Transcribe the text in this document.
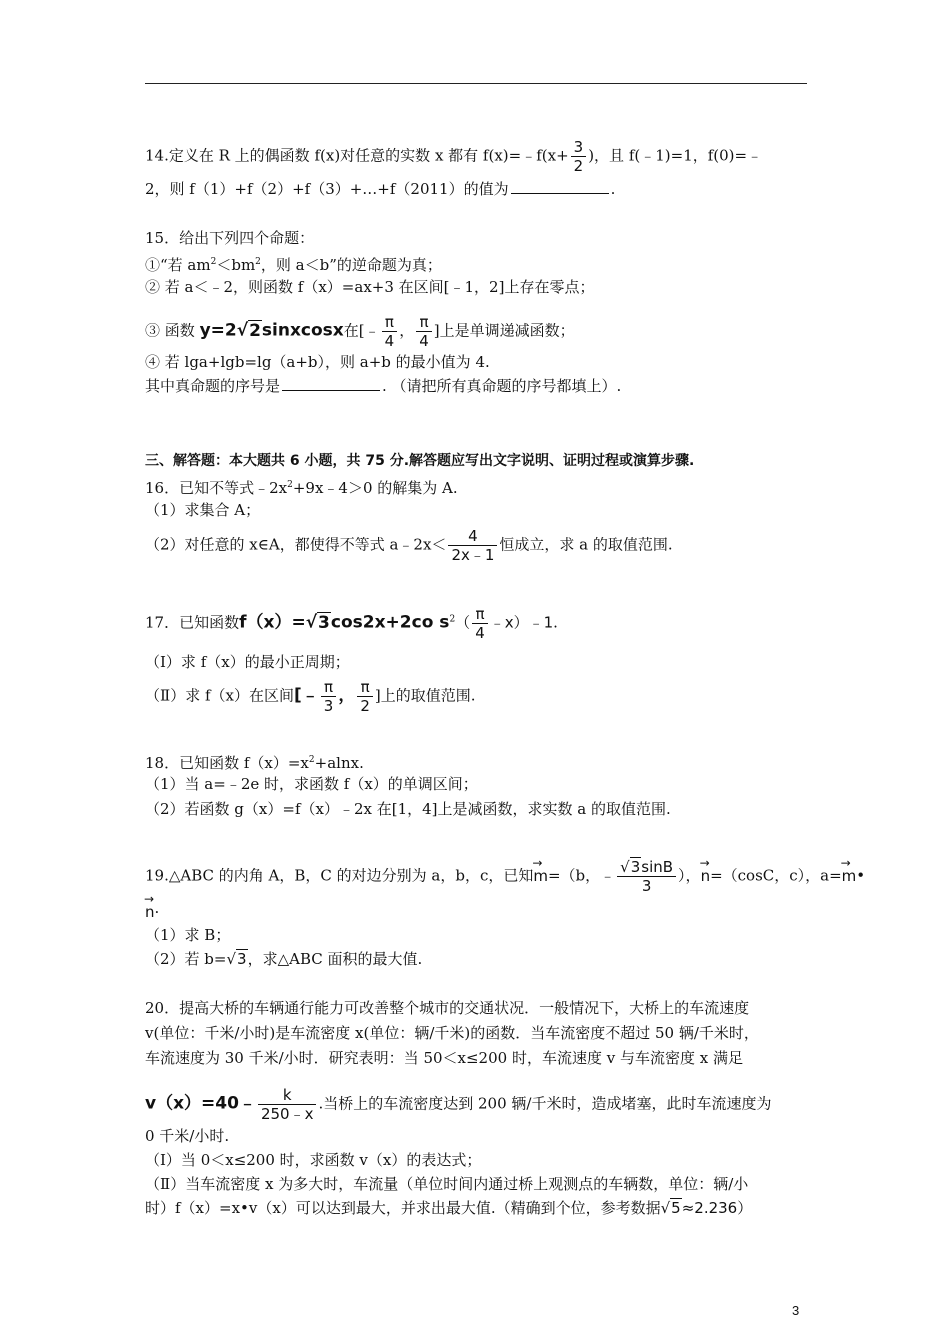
14.定义在 R 上的偶函数 f(x)对任意的实数 x 都有 f(x)=﹣f(x+ $\frac{3}{2}$ )，且 f(﹣1)=1，f(0)=﹣
2，则 f（1）+f（2）+f（3）+…+f（2011）的值为	.
15．给出下列四个命题：
①“若 $am^2<bm^2$，则 a＜b”的逆命题为真；
② 若 a＜﹣2，则函数 f（x）=ax+3 在区间[﹣1，2]上存在零点；
③ 函数 y=2√2sinxcosx在[﹣ $\frac{\pi}{4}$ ， $\frac{\pi}{4}$ ]上是单调递减函数；
④ 若 lga+lgb=lg（a+b），则 a+b 的最小值为 4.
其中真命题的序号是	. （请把所有真命题的序号都填上）.
三、解答题：本大题共 6 小题，共 75 分.解答题应写出文字说明、证明过程或演算步骤.
16．已知不等式$﹣2x^2+9x﹣4>0$ 的解集为 A.
（1）求集合 A；
（2）对任意的 x∈A，都使得不等式 a﹣2x＜ $\frac{4}{2x﹣1}$ 恒成立，求 a 的取值范围.
17．已知函数f（x）=√3cos2x+2co $s^2( \frac{\pi}{4}$ ﹣x）﹣1.
（Ⅰ）求 f（x）的最小正周期；
（Ⅱ）求 f（x）在区间[﹣ $\frac{\pi}{3}$ ， $\frac{\pi}{2}$ ]上的取值范围.
18．已知函数 $f(x)=x^2+alnx$.
（1）当 a=﹣2e 时，求函数 f（x）的单调区间；
（2）若函数 g（x）=f（x）﹣2x 在[1，4]上是减函数，求实数 a 的取值范围.
19.△ABC 的内角 A，B，C 的对边分别为 a，b，c，已知→ m=（b，﹣ $\frac{√3\sin B}{3}$ ），→ n=（cosC，c），a=→ m•
→ n·
（1）求 B；
（2）若 b=√3，求△ABC 面积的最大值.
20．提高大桥的车辆通行能力可改善整个城市的交通状况．一般情况下，大桥上的车流速度
v(单位：千米/小时)是车流密度 x(单位：辆/千米)的函数．当车流密度不超过 50 辆/千米时，
车流速度为 30 千米/小时．研究表明：当 50＜x≤200 时，车流速度 v 与车流密度 x 满足
v（x）=40﹣ $\frac{k}{250﹣x}$ .当桥上的车流密度达到 200 辆/千米时，造成堵塞，此时车流速度为
0 千米/小时.
（Ⅰ）当 0＜x≤200 时，求函数 v（x）的表达式；
（Ⅱ）当车流密度 x 为多大时，车流量（单位时间内通过桥上观测点的车辆数，单位：辆/小
时）f（x）=x•v（x）可以达到最大，并求出最大值.（精确到个位，参考数据√5≈2.236）
3
